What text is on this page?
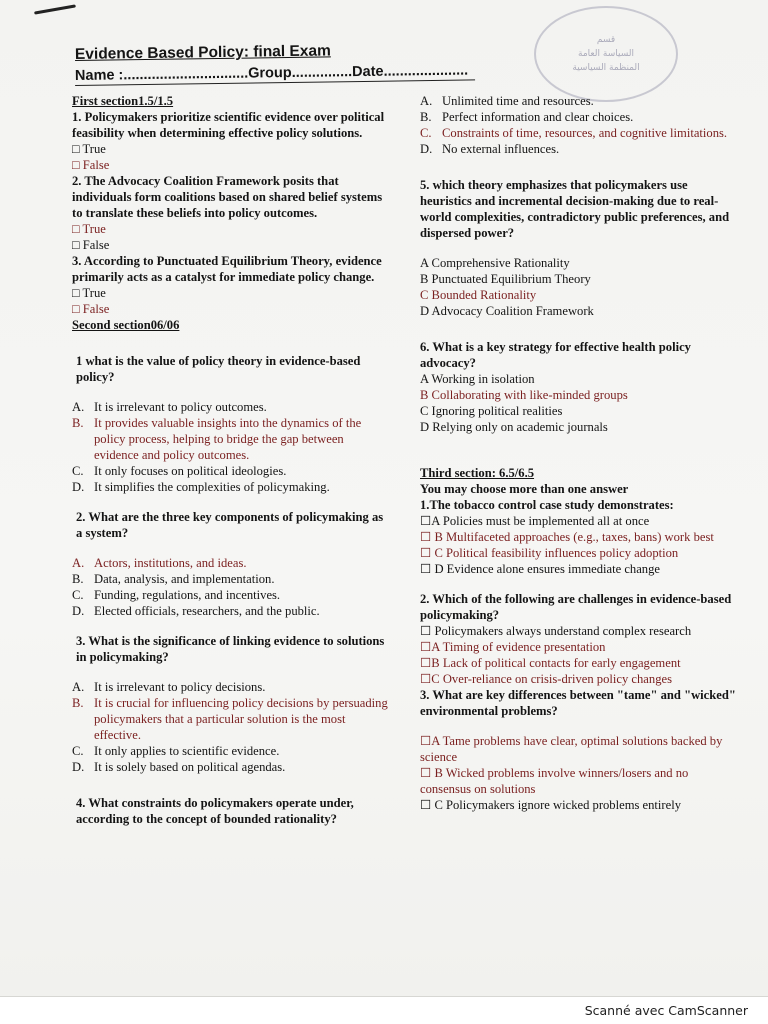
قسم
السياسة العامة
المنظمة السياسية
Evidence Based Policy: final Exam
Name :...............................Group...............Date.....................

First section1.5/1.5

1. Policymakers prioritize scientific evidence over political feasibility when determining effective policy solutions.

□ True

□ False

2. The Advocacy Coalition Framework posits that individuals form coalitions based on shared belief systems to translate these beliefs into policy outcomes.

□ True

□ False

3. According to Punctuated Equilibrium Theory, evidence primarily acts as a catalyst for immediate policy change.

□ True

□ False

Second section06/06

1 what is the value of policy theory in evidence-based policy?

A. It is irrelevant to policy outcomes.

B. It provides valuable insights into the dynamics of the policy process, helping to bridge the gap between evidence and policy outcomes.

C. It only focuses on political ideologies.

D. It simplifies the complexities of policymaking.

2. What are the three key components of policymaking as a system?

A. Actors, institutions, and ideas.

B. Data, analysis, and implementation.

C. Funding, regulations, and incentives.

D. Elected officials, researchers, and the public.

3. What is the significance of linking evidence to solutions in policymaking?

A. It is irrelevant to policy decisions.

B. It is crucial for influencing policy decisions by persuading policymakers that a particular solution is the most effective.

C. It only applies to scientific evidence.

D. It is solely based on political agendas.

4. What constraints do policymakers operate under, according to the concept of bounded rationality?

A. Unlimited time and resources.

B. Perfect information and clear choices.

C. Constraints of time, resources, and cognitive limitations.

D. No external influences.

5. which theory emphasizes that policymakers use heuristics and incremental decision-making due to real-world complexities, contradictory public preferences, and dispersed power?

A Comprehensive Rationality

B Punctuated Equilibrium Theory

C Bounded Rationality

D Advocacy Coalition Framework

6. What is a key strategy for effective health policy advocacy?

A Working in isolation

B Collaborating with like-minded groups

C Ignoring political realities

D Relying only on academic journals

Third section: 6.5/6.5

You may choose more than one answer

1.The tobacco control case study demonstrates:

☐A Policies must be implemented all at once

☐ B Multifaceted approaches (e.g., taxes, bans) work best

☐ C Political feasibility influences policy adoption

☐ D Evidence alone ensures immediate change

2. Which of the following are challenges in evidence-based policymaking?

☐ Policymakers always understand complex research

☐A Timing of evidence presentation

☐B Lack of political contacts for early engagement

☐C Over-reliance on crisis-driven policy changes

3. What are key differences between "tame" and "wicked" environmental problems?

☐A Tame problems have clear, optimal solutions backed by science

☐ B Wicked problems involve winners/losers and no consensus on solutions

☐ C Policymakers ignore wicked problems entirely

Scanné avec CamScanner
